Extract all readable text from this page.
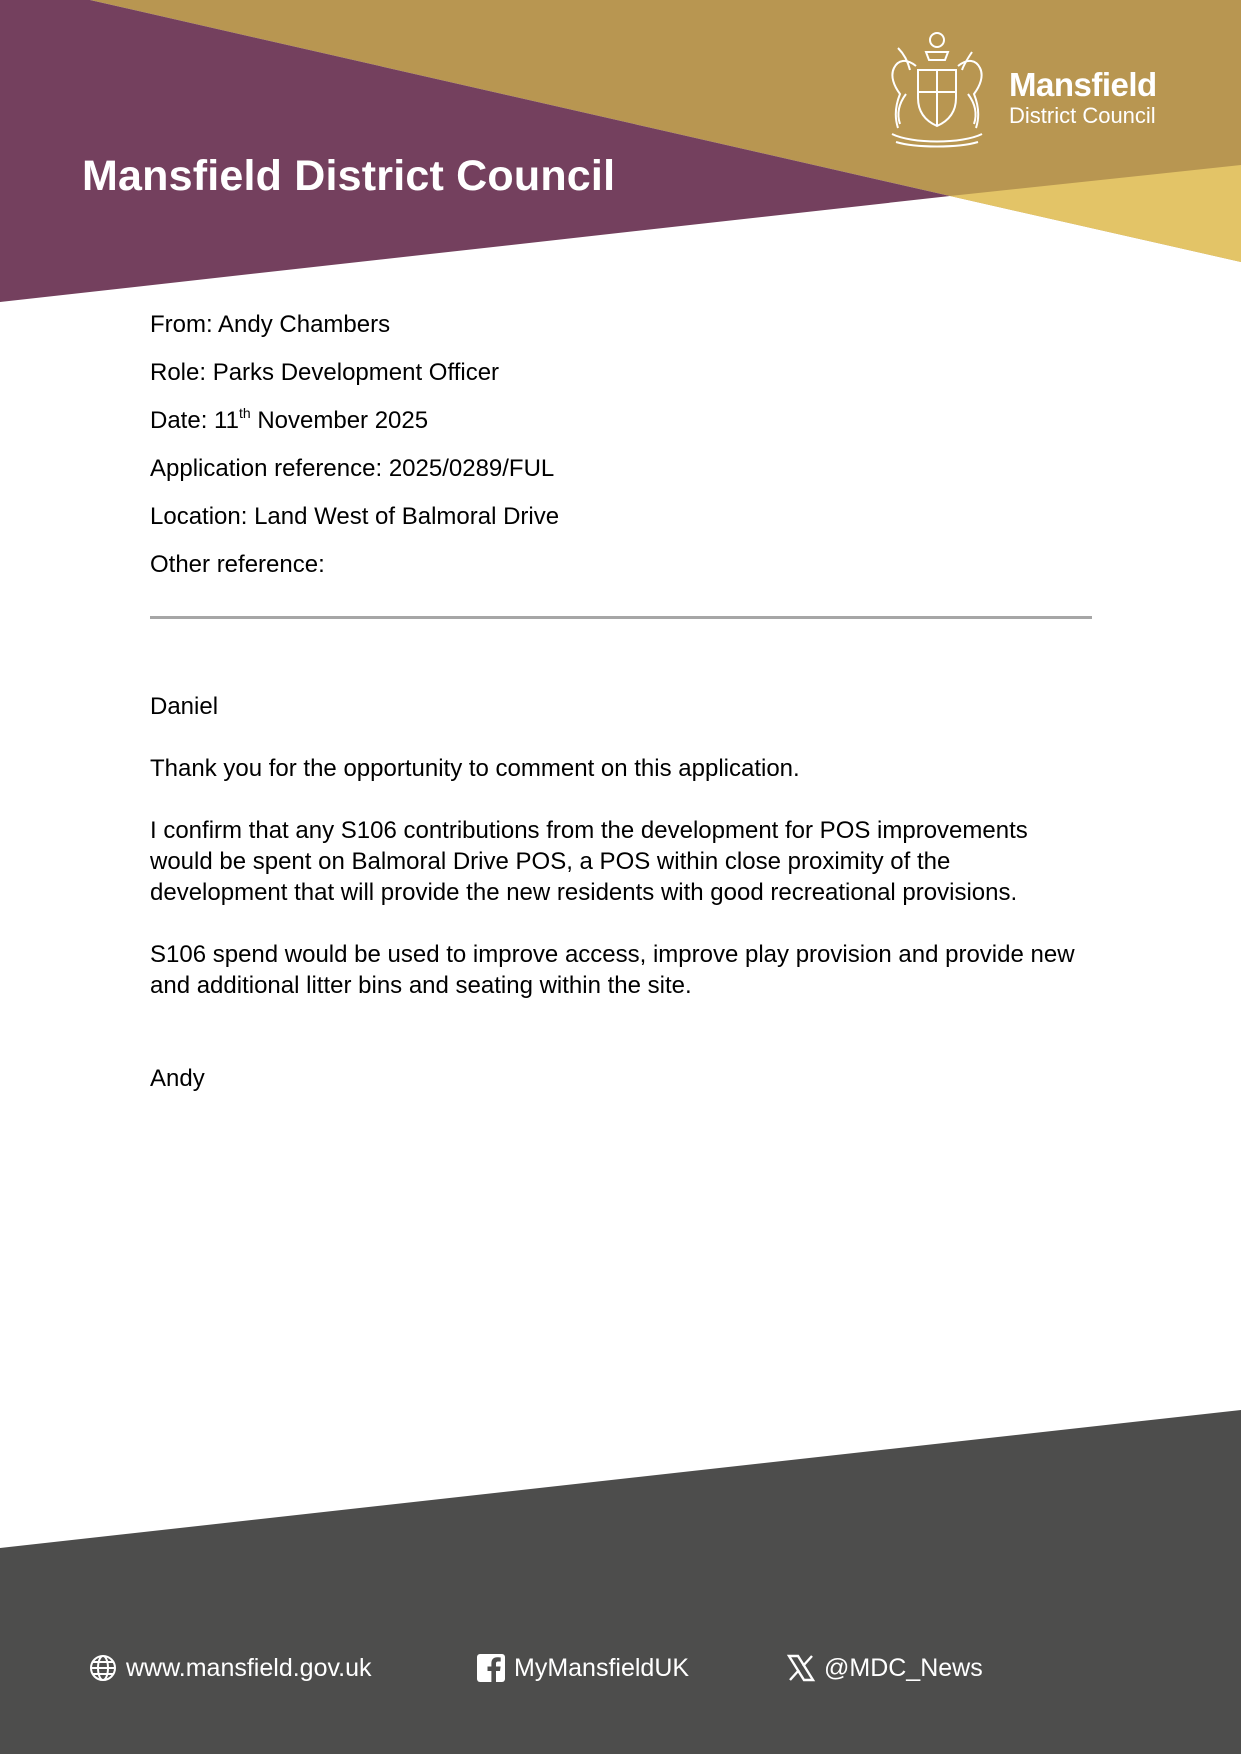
Mansfield District Council
Mansfield
District Council
From: Andy Chambers
Role: Parks Development Officer
Date: 11th November 2025
Application reference: 2025/0289/FUL
Location: Land West of Balmoral Drive
Other reference:

Daniel

Thank you for the opportunity to comment on this application.

I confirm that any S106 contributions from the development for POS improvements would be spent on Balmoral Drive POS, a POS within close proximity of the development that will provide the new residents with good recreational provisions.

S106 spend would be used to improve access, improve play provision and provide new and additional litter bins and seating within the site.

Andy

www.mansfield.gov.uk	MyMansfieldUK	@MDC_News
